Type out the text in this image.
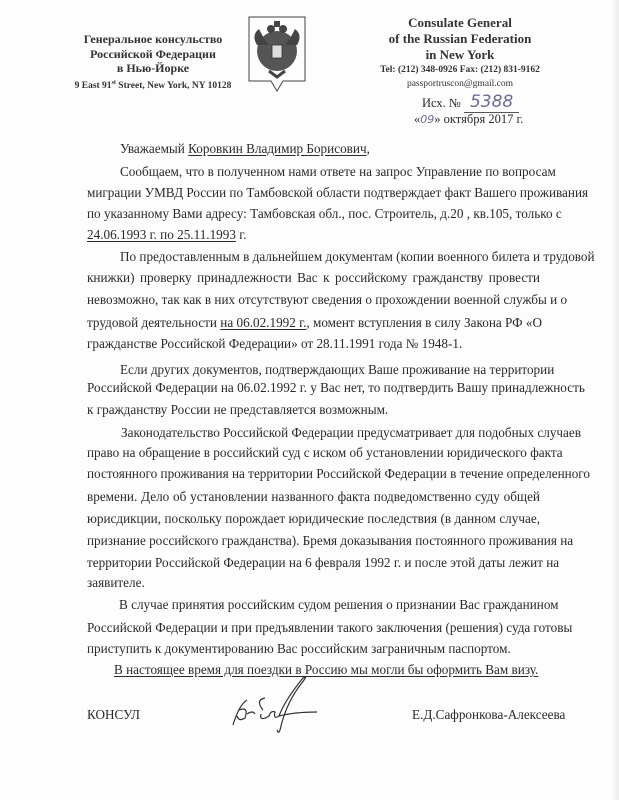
Генеральное консульство
Российской Федерации
в Нью-Йорке
9 East 91st Street, New York, NY 10128
Consulate General
of the Russian Federation
in New York
Tel: (212) 348-0926 Fax: (212) 831-9162
passportruscon@gmail.com
Исх. № 5388
«09» октября 2017 г.
Уважаемый Коровкин Владимир Борисович,
Сообщаем, что в полученном нами ответе на запрос Управление по вопросам
миграции УМВД России по Тамбовской области подтверждает факт Вашего проживания
по указанному Вами адресу: Тамбовская обл., пос. Строитель, д.20 , кв.105, только с
24.06.1993 г. по 25.11.1993 г.
По предоставленным в дальнейшем документам (копии военного билета и трудовой
книжки) проверку принадлежности Вас к российскому гражданству провести
невозможно, так как в них отсутствуют сведения о прохождении военной службы и о
трудовой деятельности на 06.02.1992 г., момент вступления в силу Закона РФ «О
гражданстве Российской Федерации» от 28.11.1991 года № 1948-1.
Если других документов, подтверждающих Ваше проживание на территории
Российской Федерации на 06.02.1992 г. у Вас нет, то подтвердить Вашу принадлежность
к гражданству России не представляется возможным.
Законодательство Российской Федерации предусматривает для подобных случаев
право на обращение в российский суд с иском об установлении юридического факта
постоянного проживания на территории Российской Федерации в течение определенного
времени. Дело об установлении названного факта подведомственно суду общей
юрисдикции, поскольку порождает юридические последствия (в данном случае,
признание российского гражданства). Бремя доказывания постоянного проживания на
территории Российской Федерации на 6 февраля 1992 г. и после этой даты лежит на
заявителе.
В случае принятия российским судом решения о признании Вас гражданином
Российской Федерации и при предъявлении такого заключения (решения) суда готовы
приступить к документированию Вас российским заграничным паспортом.
В настоящее время для поездки в Россию мы могли бы оформить Вам визу.
КОНСУЛ	Е.Д.Сафронкова-Алексеева
